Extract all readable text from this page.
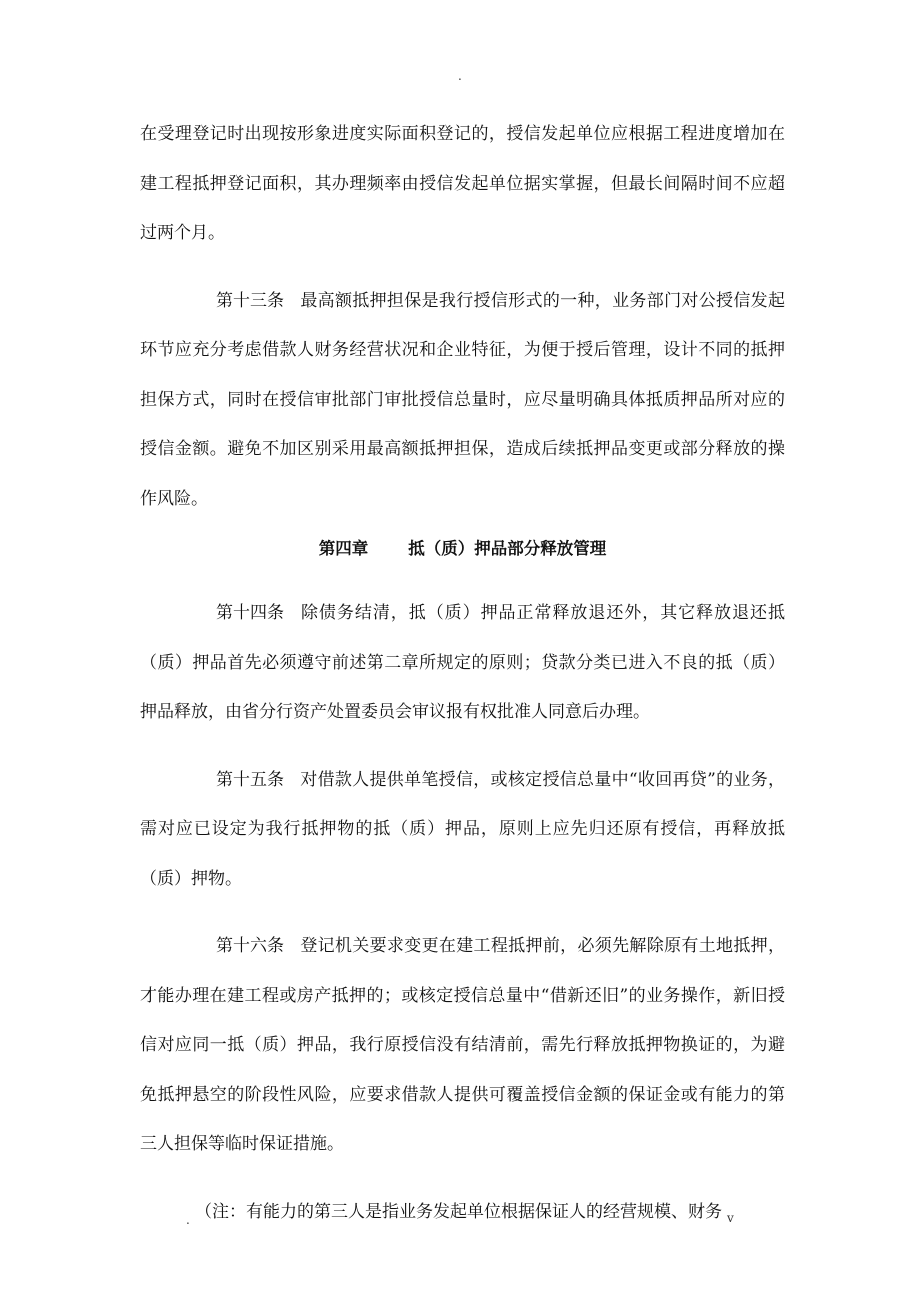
.

在受理登记时出现按形象进度实际面积登记的，授信发起单位应根据工程进度增加在建工程抵押登记面积，其办理频率由授信发起单位据实掌握，但最长间隔时间不应超过两个月。

第十三条 最高额抵押担保是我行授信形式的一种，业务部门对公授信发起环节应充分考虑借款人财务经营状况和企业特征，为便于授后管理，设计不同的抵押担保方式，同时在授信审批部门审批授信总量时，应尽量明确具体抵质押品所对应的授信金额。避免不加区别采用最高额抵押担保，造成后续抵押品变更或部分释放的操作风险。

第四章 抵（质）押品部分释放管理

第十四条 除债务结清，抵（质）押品正常释放退还外，其它释放退还抵（质）押品首先必须遵守前述第二章所规定的原则；贷款分类已进入不良的抵（质）押品释放，由省分行资产处置委员会审议报有权批准人同意后办理。

第十五条 对借款人提供单笔授信，或核定授信总量中“收回再贷”的业务，需对应已设定为我行抵押物的抵（质）押品，原则上应先归还原有授信，再释放抵（质）押物。

第十六条 登记机关要求变更在建工程抵押前，必须先解除原有土地抵押，才能办理在建工程或房产抵押的；或核定授信总量中“借新还旧”的业务操作，新旧授信对应同一抵（质）押品，我行原授信没有结清前，需先行释放抵押物换证的，为避免抵押悬空的阶段性风险，应要求借款人提供可覆盖授信金额的保证金或有能力的第三人担保等临时保证措施。

（注：有能力的第三人是指业务发起单位根据保证人的经营规模、财务

.	v
